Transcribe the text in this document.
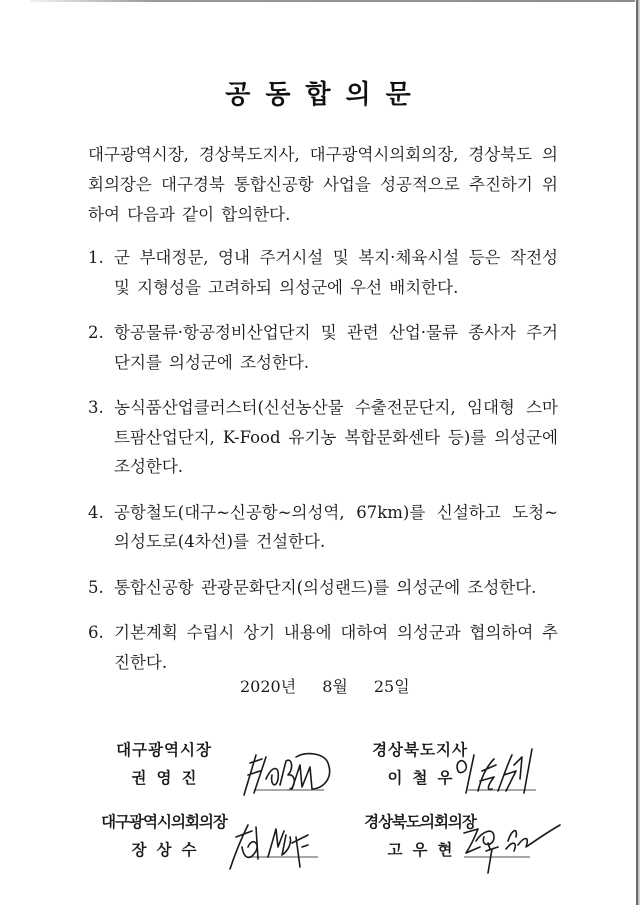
공동합의문

대구광역시장, 경상북도지사, 대구광역시의회의장, 경상북도 의회의장은 대구경북 통합신공항 사업을 성공적으로 추진하기 위하여 다음과 같이 합의한다.

1. 군 부대정문, 영내 주거시설 및 복지·체육시설 등은 작전성 및 지형성을 고려하되 의성군에 우선 배치한다.
2. 항공물류·항공정비산업단지 및 관련 산업·물류 종사자 주거단지를 의성군에 조성한다.
3. 농식품산업클러스터(신선농산물 수출전문단지, 임대형 스마트팜산업단지, K-Food 유기농 복합문화센타 등)를 의성군에 조성한다.
4. 공항철도(대구~신공항~의성역, 67km)를 신설하고 도청~의성도로(4차선)를 건설한다.
5. 통합신공항 관광문화단지(의성랜드)를 의성군에 조성한다.
6. 기본계획 수립시 상기 내용에 대하여 의성군과 협의하여 추진한다.
2020년 8월 25일
대구광역시장
권영진
경상북도지사
이철우
대구광역시의회의장
장상수
경상북도의회의장
고우현
